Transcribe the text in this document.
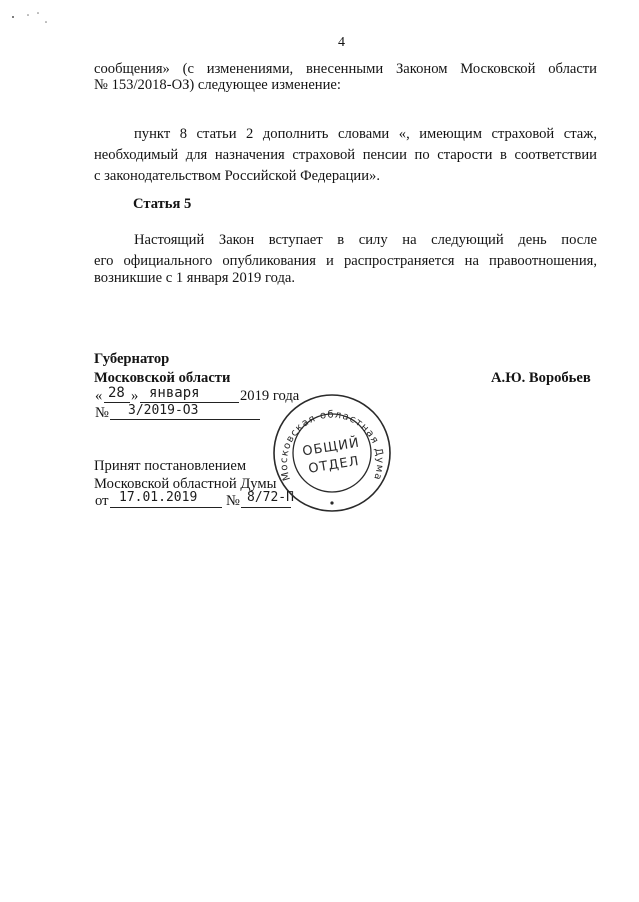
4
сообщения» (с изменениями, внесенными Законом Московской области
№ 153/2018-ОЗ) следующее изменение:
пункт 8 статьи 2 дополнить словами «, имеющим страховой стаж,
необходимый для назначения страховой пенсии по старости в соответствии
с законодательством Российской Федерации».
Статья 5
Настоящий Закон вступает в силу на следующий день после
его официального опубликования и распространяется на правоотношения,
возникшие с 1 января 2019 года.
Губернатор
Московской области	А.Ю. Воробьев
« 28 » января	2019 года
№ 3/2019-ОЗ
Принят постановлением
Московской областной Думы
от 17.01.2019 № 8/72-П
Московская областная Дума
ОБЩИЙ
ОТДЕЛ
